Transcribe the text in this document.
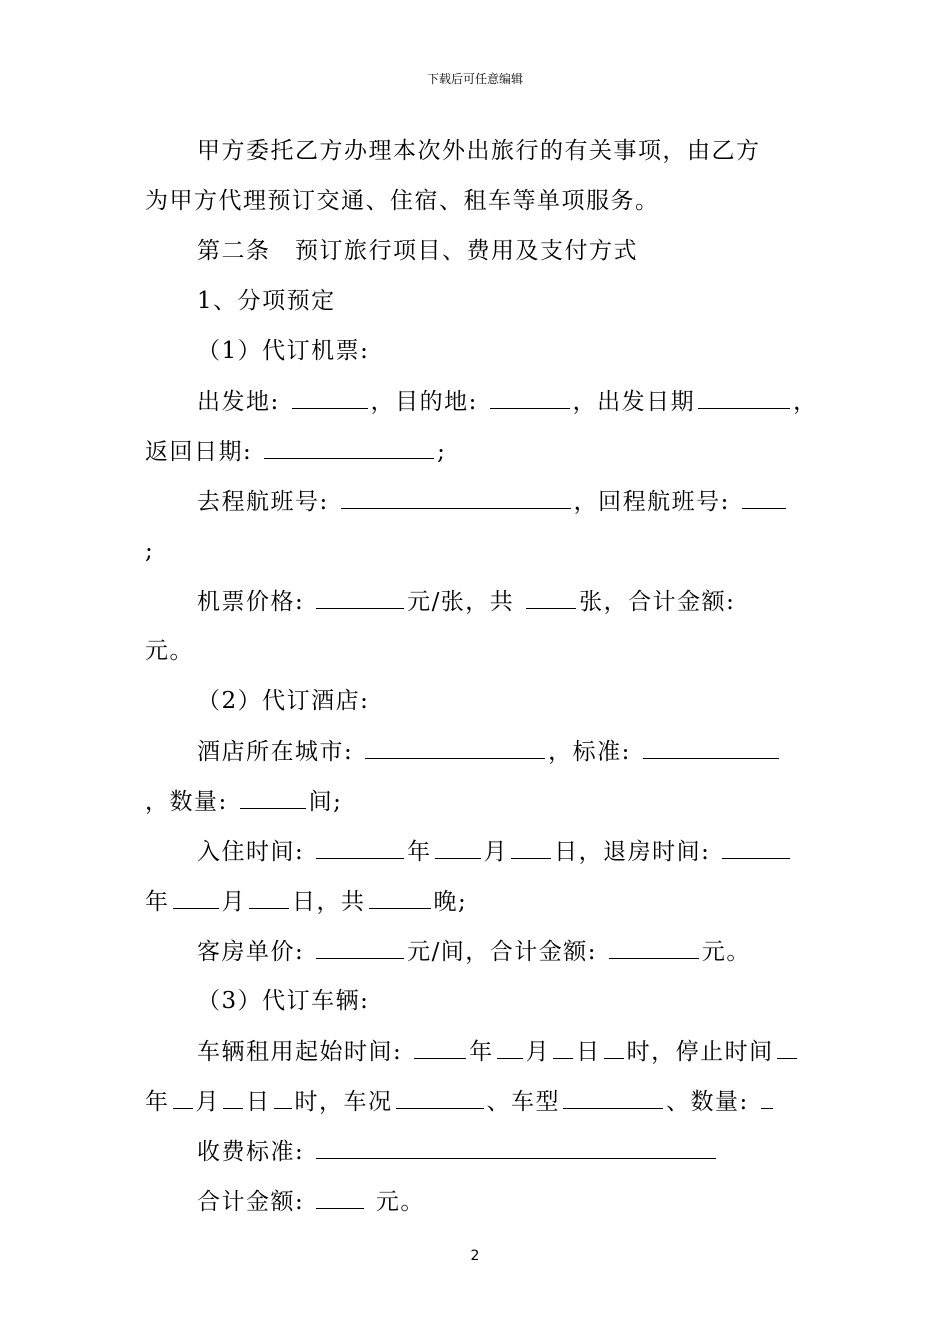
下载后可任意编辑
甲方委托乙方办理本次外出旅行的有关事项，由乙方
为甲方代理预订交通、住宿、租车等单项服务。
第二条　预订旅行项目、费用及支付方式
1、分项预定
（1）代订机票:
出发地:	，目的地:	，出发日期	，
返回日期:	;
去程航班号:	，回程航班号:
;
机票价格:	元/张，共 张，合计金额:
元。
（2）代订酒店:
酒店所在城市:	，标准:
，数量:	间;
入住时间:	年 月 日，退房时间:
年 月 日，共	晚;
客房单价:	元/间，合计金额:	元。
（3）代订车辆:
车辆租用起始时间:	年 月 日 时，停止时间
年 月 日 时，车况	、车型	、数量:
收费标准:
合计金额:  元。
2
